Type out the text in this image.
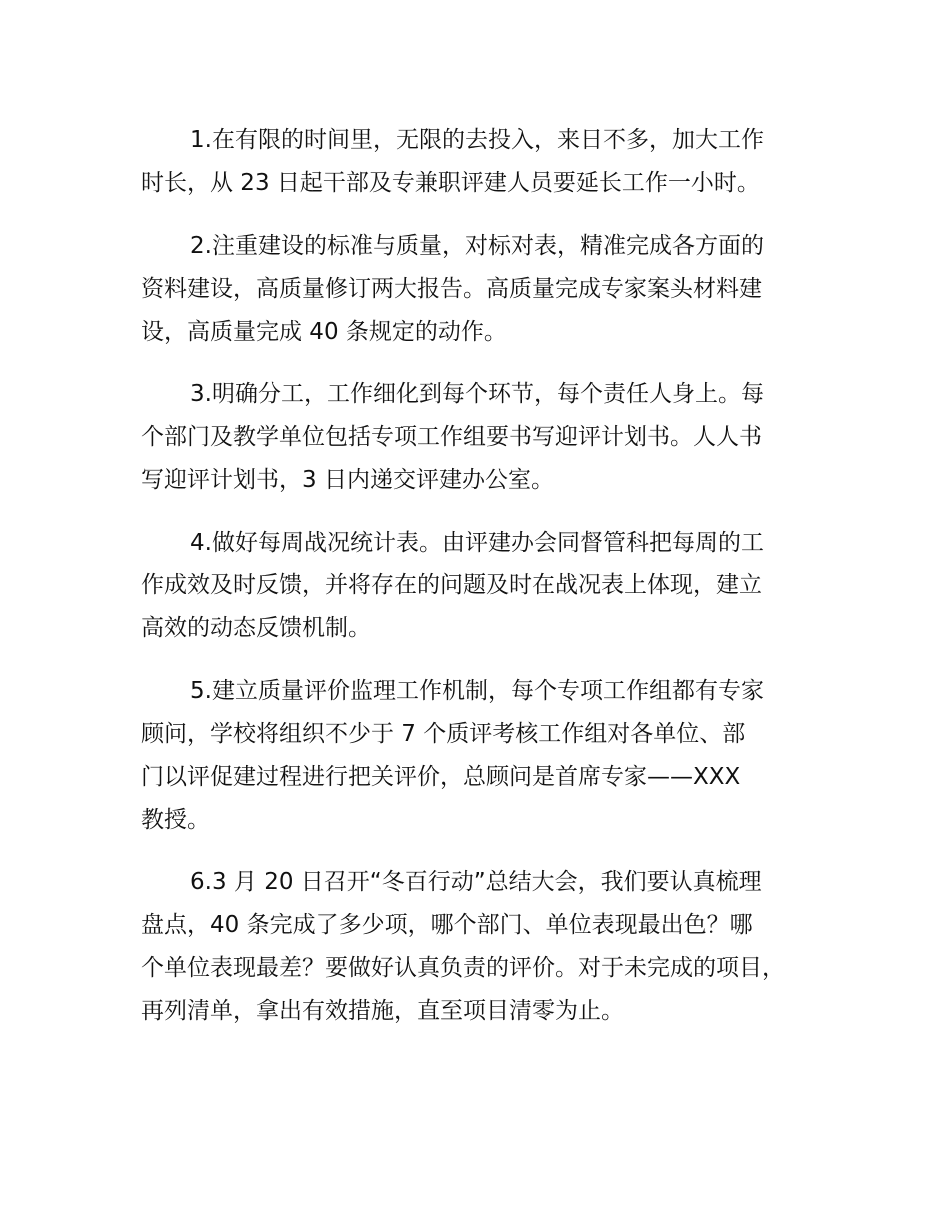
1.在有限的时间里，无限的去投入，来日不多，加大工作
时长，从 23 日起干部及专兼职评建人员要延长工作一小时。
2.注重建设的标准与质量，对标对表，精准完成各方面的
资料建设，高质量修订两大报告。高质量完成专家案头材料建
设，高质量完成 40 条规定的动作。
3.明确分工，工作细化到每个环节，每个责任人身上。每
个部门及教学单位包括专项工作组要书写迎评计划书。人人书
写迎评计划书，3 日内递交评建办公室。
4.做好每周战况统计表。由评建办会同督管科把每周的工
作成效及时反馈，并将存在的问题及时在战况表上体现，建立
高效的动态反馈机制。
5.建立质量评价监理工作机制，每个专项工作组都有专家
顾问，学校将组织不少于 7 个质评考核工作组对各单位、部
门以评促建过程进行把关评价，总顾问是首席专家——XXX
教授。
6.3 月 20 日召开“冬百行动”总结大会，我们要认真梳理
盘点，40 条完成了多少项，哪个部门、单位表现最出色？哪
个单位表现最差？要做好认真负责的评价。对于未完成的项目，
再列清单，拿出有效措施，直至项目清零为止。
